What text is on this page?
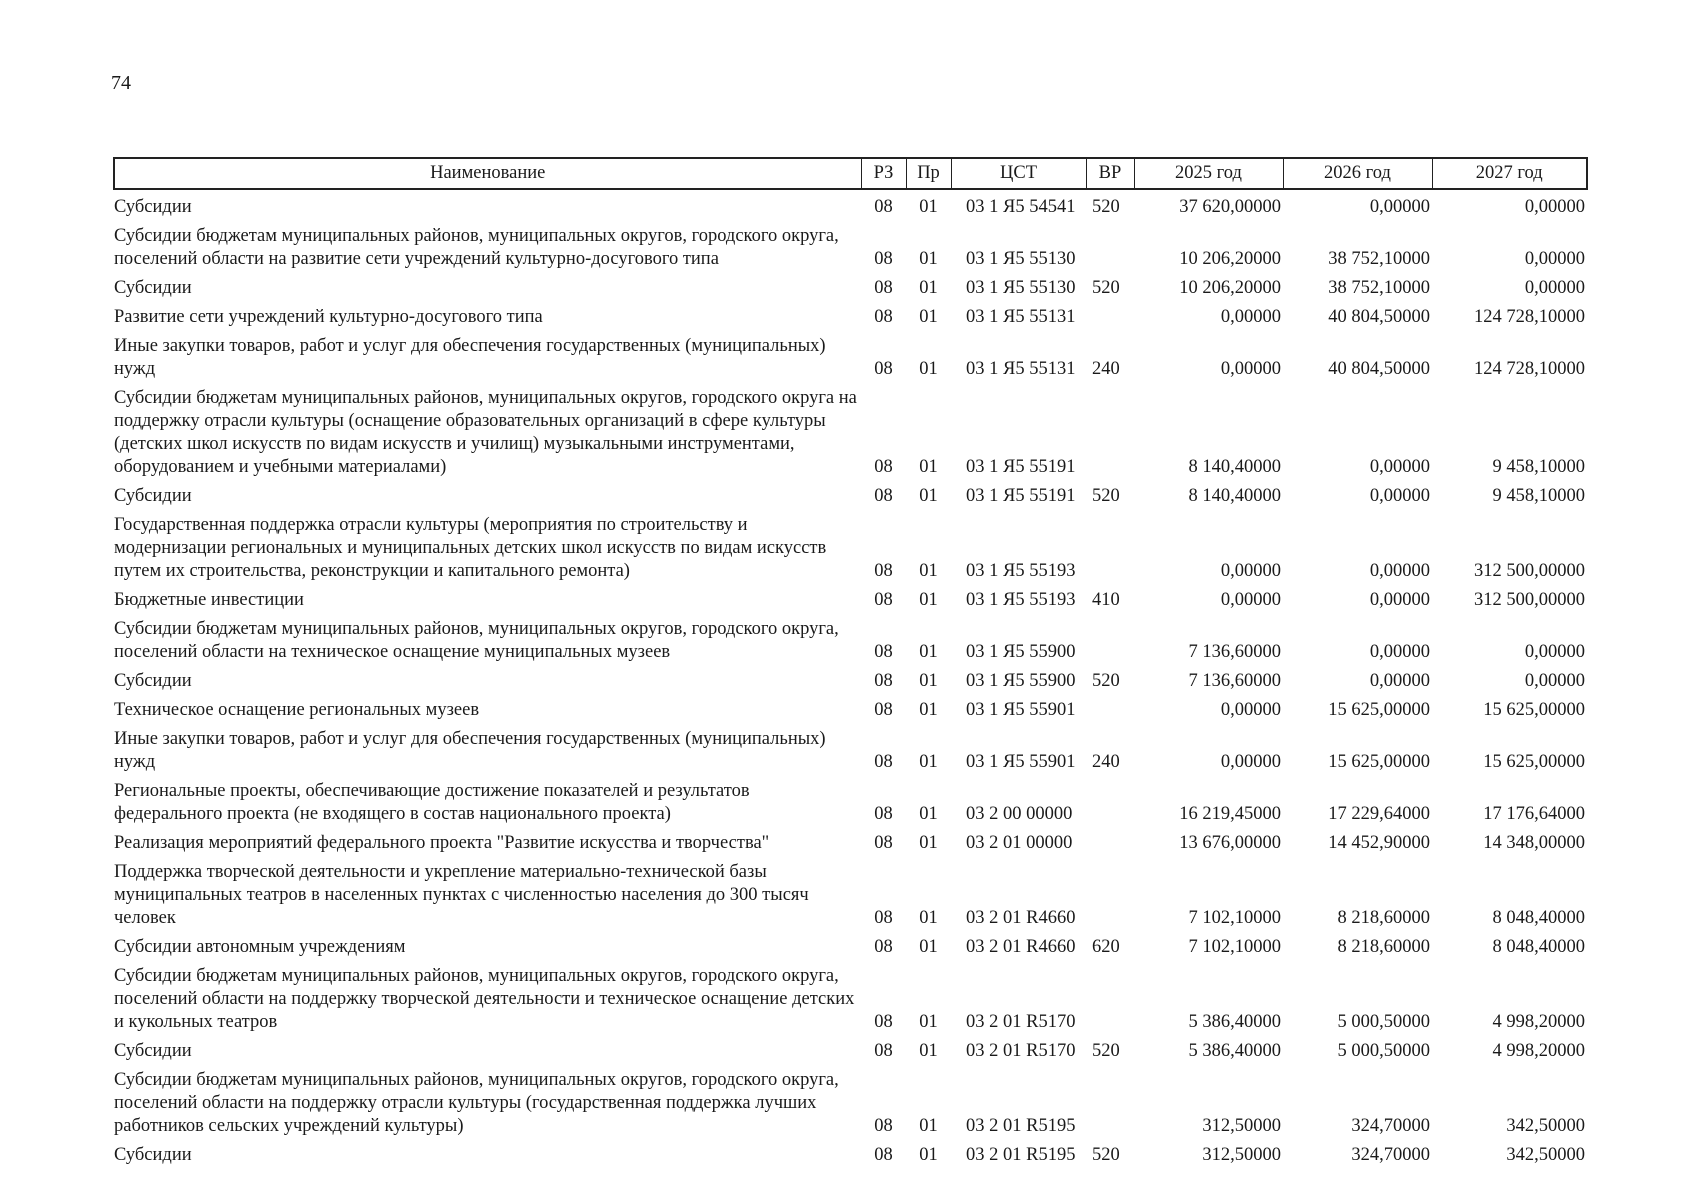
74
Наименование	РЗ	Пр	ЦСТ	ВР	2025 год	2026 год	2027 год
Субсидии	08	01	03 1 Я5 54541	520	37 620,00000	0,00000	0,00000
Субсидии бюджетам муниципальных районов, муниципальных округов, городского округа, поселений области на развитие сети учреждений культурно-досугового типа	08	01	03 1 Я5 55130		10 206,20000	38 752,10000	0,00000
Субсидии	08	01	03 1 Я5 55130	520	10 206,20000	38 752,10000	0,00000
Развитие сети учреждений культурно-досугового типа	08	01	03 1 Я5 55131		0,00000	40 804,50000	124 728,10000
Иные закупки товаров, работ и услуг для обеспечения государственных (муниципальных) нужд	08	01	03 1 Я5 55131	240	0,00000	40 804,50000	124 728,10000
Субсидии бюджетам муниципальных районов, муниципальных округов, городского округа на поддержку отрасли культуры (оснащение образовательных организаций в сфере культуры (детских школ искусств по видам искусств и училищ) музыкальными инструментами, оборудованием и учебными материалами)	08	01	03 1 Я5 55191		8 140,40000	0,00000	9 458,10000
Субсидии	08	01	03 1 Я5 55191	520	8 140,40000	0,00000	9 458,10000
Государственная поддержка отрасли культуры (мероприятия по строительству и модернизации региональных и муниципальных детских школ искусств по видам искусств путем их строительства, реконструкции и капитального ремонта)	08	01	03 1 Я5 55193		0,00000	0,00000	312 500,00000
Бюджетные инвестиции	08	01	03 1 Я5 55193	410	0,00000	0,00000	312 500,00000
Субсидии бюджетам муниципальных районов, муниципальных округов, городского округа, поселений области на техническое оснащение муниципальных музеев	08	01	03 1 Я5 55900		7 136,60000	0,00000	0,00000
Субсидии	08	01	03 1 Я5 55900	520	7 136,60000	0,00000	0,00000
Техническое оснащение региональных музеев	08	01	03 1 Я5 55901		0,00000	15 625,00000	15 625,00000
Иные закупки товаров, работ и услуг для обеспечения государственных (муниципальных) нужд	08	01	03 1 Я5 55901	240	0,00000	15 625,00000	15 625,00000
Региональные проекты, обеспечивающие достижение показателей и результатов федерального проекта (не входящего в состав национального проекта)	08	01	03 2 00 00000		16 219,45000	17 229,64000	17 176,64000
Реализация мероприятий федерального проекта "Развитие искусства и творчества"	08	01	03 2 01 00000		13 676,00000	14 452,90000	14 348,00000
Поддержка творческой деятельности и укрепление материально-технической базы муниципальных театров в населенных пунктах с численностью населения до 300 тысяч человек	08	01	03 2 01 R4660		7 102,10000	8 218,60000	8 048,40000
Субсидии автономным учреждениям	08	01	03 2 01 R4660	620	7 102,10000	8 218,60000	8 048,40000
Субсидии бюджетам муниципальных районов, муниципальных округов, городского округа, поселений области на поддержку творческой деятельности и техническое оснащение детских и кукольных театров	08	01	03 2 01 R5170		5 386,40000	5 000,50000	4 998,20000
Субсидии	08	01	03 2 01 R5170	520	5 386,40000	5 000,50000	4 998,20000
Субсидии бюджетам муниципальных районов, муниципальных округов, городского округа, поселений области на поддержку отрасли культуры (государственная поддержка лучших работников сельских учреждений культуры)	08	01	03 2 01 R5195		312,50000	324,70000	342,50000
Субсидии	08	01	03 2 01 R5195	520	312,50000	324,70000	342,50000
